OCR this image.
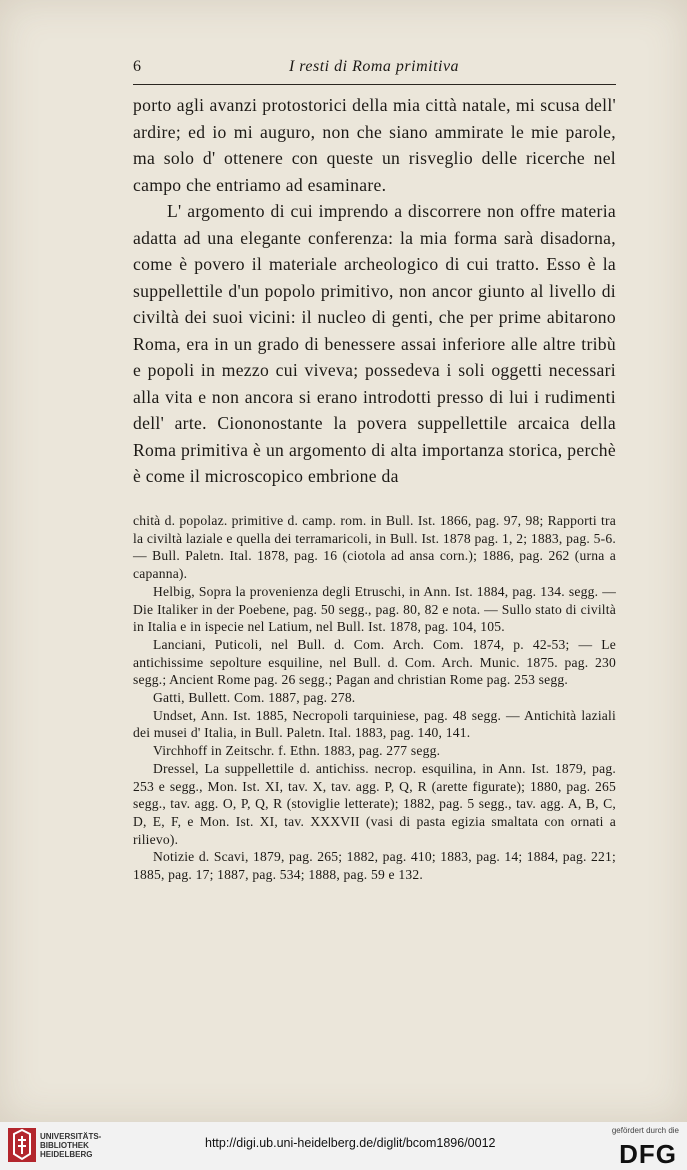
6	I resti di Roma primitiva

porto agli avanzi protostorici della mia città natale, mi scusa dell' ardire; ed io mi auguro, non che siano ammirate le mie parole, ma solo d' ottenere con queste un risveglio delle ricerche nel campo che entriamo ad esaminare.

L' argomento di cui imprendo a discorrere non offre materia adatta ad una elegante conferenza: la mia forma sarà disadorna, come è povero il materiale archeologico di cui tratto. Esso è la suppellettile d'un popolo primitivo, non ancor giunto al livello di civiltà dei suoi vicini: il nucleo di genti, che per prime abitarono Roma, era in un grado di benessere assai inferiore alle altre tribù e popoli in mezzo cui viveva; possedeva i soli oggetti necessari alla vita e non ancora si erano introdotti presso di lui i rudimenti dell' arte. Ciononostante la povera suppellettile arcaica della Roma primitiva è un argomento di alta importanza storica, perchè è come il microscopico embrione da

chità d. popolaz. primitive d. camp. rom. in Bull. Ist. 1866, pag. 97, 98; Rapporti tra la civiltà laziale e quella dei terramaricoli, in Bull. Ist. 1878 pag. 1, 2; 1883, pag. 5-6. — Bull. Paletn. Ital. 1878, pag. 16 (ciotola ad ansa corn.); 1886, pag. 262 (urna a capanna).

Helbig, Sopra la provenienza degli Etruschi, in Ann. Ist. 1884, pag. 134. segg. — Die Italiker in der Poebene, pag. 50 segg., pag. 80, 82 e nota. — Sullo stato di civiltà in Italia e in ispecie nel Latium, nel Bull. Ist. 1878, pag. 104, 105.

Lanciani, Puticoli, nel Bull. d. Com. Arch. Com. 1874, p. 42-53; — Le antichissime sepolture esquiline, nel Bull. d. Com. Arch. Munic. 1875. pag. 230 segg.; Ancient Rome pag. 26 segg.; Pagan and christian Rome pag. 253 segg.

Gatti, Bullett. Com. 1887, pag. 278.

Undset, Ann. Ist. 1885, Necropoli tarquiniese, pag. 48 segg. — Antichità laziali dei musei d' Italia, in Bull. Paletn. Ital. 1883, pag. 140, 141.

Virchhoff in Zeitschr. f. Ethn. 1883, pag. 277 segg.

Dressel, La suppellettile d. antichiss. necrop. esquilina, in Ann. Ist. 1879, pag. 253 e segg., Mon. Ist. XI, tav. X, tav. agg. P, Q, R (arette figurate); 1880, pag. 265 segg., tav. agg. O, P, Q, R (stoviglie letterate); 1882, pag. 5 segg., tav. agg. A, B, C, D, E, F, e Mon. Ist. XI, tav. XXXVII (vasi di pasta egizia smaltata con ornati a rilievo).

Notizie d. Scavi, 1879, pag. 265; 1882, pag. 410; 1883, pag. 14; 1884, pag. 221; 1885, pag. 17; 1887, pag. 534; 1888, pag. 59 e 132.

UNIVERSITÄTS-
BIBLIOTHEK
HEIDELBERG
http://digi.ub.uni-heidelberg.de/diglit/bcom1896/0012
gefördert durch die
DFG
